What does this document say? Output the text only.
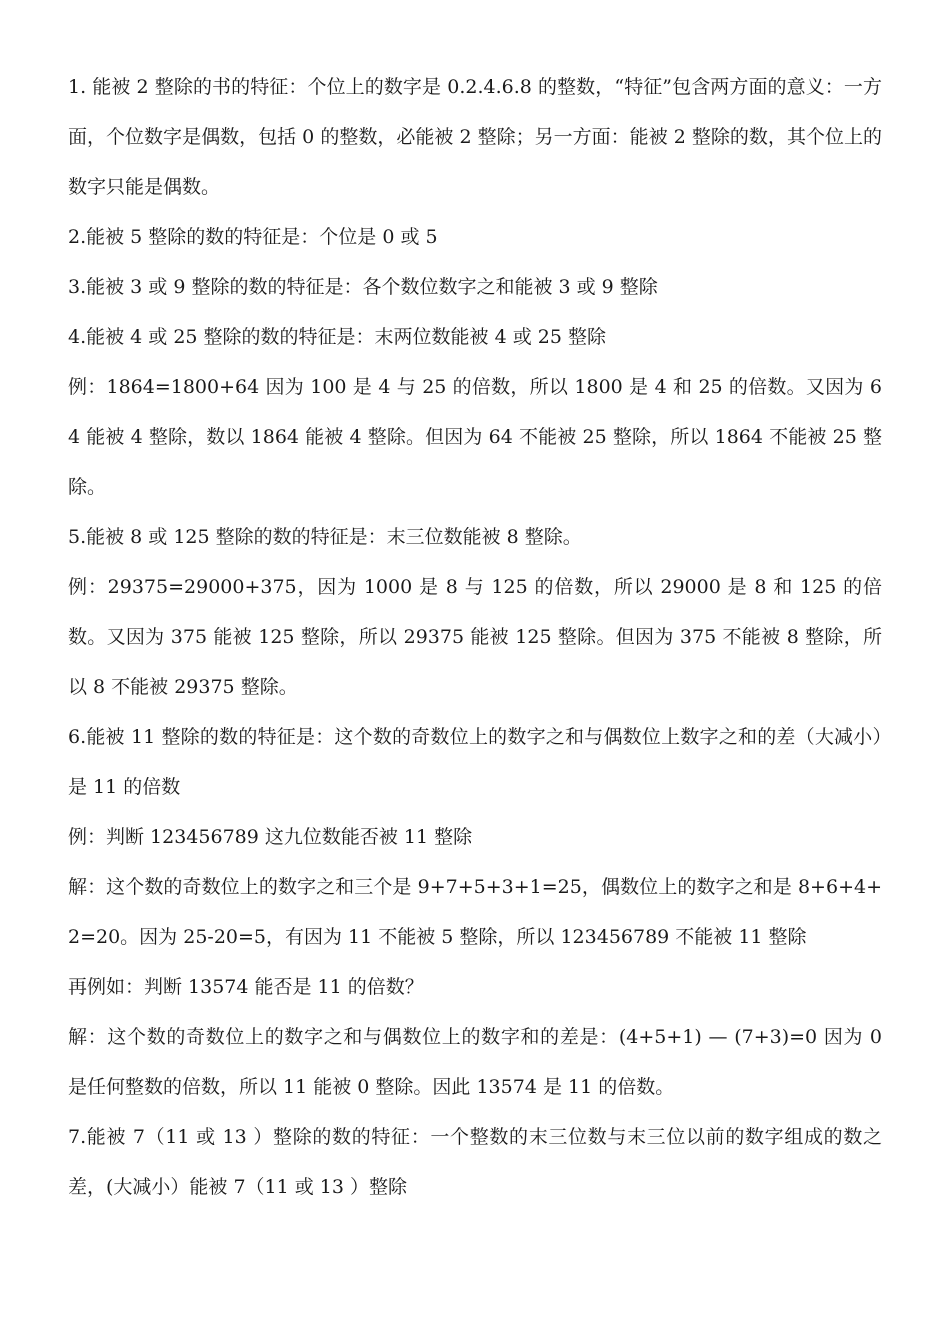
1. 能被 2 整除的书的特征：个位上的数字是 0.2.4.6.8 的整数，“特征”包含两方面的意义：一方面，个位数字是偶数，包括 0 的整数，必能被 2 整除；另一方面：能被 2 整除的数，其个位上的数字只能是偶数。

2.能被 5 整除的数的特征是：个位是 0 或 5

3.能被 3 或 9 整除的数的特征是：各个数位数字之和能被 3 或 9 整除

4.能被 4 或 25 整除的数的特征是：末两位数能被 4 或 25 整除

例：1864=1800+64 因为 100 是 4 与 25 的倍数，所以 1800 是 4 和 25 的倍数。又因为 64 能被 4 整除，数以 1864 能被 4 整除。但因为 64 不能被 25 整除，所以 1864 不能被 25 整除。

5.能被 8 或 125 整除的数的特征是：末三位数能被 8 整除。

例：29375=29000+375，因为 1000 是 8 与 125 的倍数，所以 29000 是 8 和 125 的倍数。又因为 375 能被 125 整除，所以 29375 能被 125 整除。但因为 375 不能被 8 整除，所以 8 不能被 29375 整除。

6.能被 11 整除的数的特征是：这个数的奇数位上的数字之和与偶数位上数字之和的差（大减小）是 11 的倍数

例：判断 123456789 这九位数能否被 11 整除

解：这个数的奇数位上的数字之和三个是 9+7+5+3+1=25，偶数位上的数字之和是 8+6+4+2=20。因为 25-20=5，有因为 11 不能被 5 整除，所以 123456789 不能被 11 整除

再例如：判断 13574 能否是 11 的倍数？

解：这个数的奇数位上的数字之和与偶数位上的数字和的差是：(4+5+1) — (7+3)=0 因为 0 是任何整数的倍数，所以 11 能被 0 整除。因此 13574 是 11 的倍数。

7.能被 7（11 或 13 ）整除的数的特征：一个整数的末三位数与末三位以前的数字组成的数之差，(大减小）能被 7（11 或 13 ）整除
